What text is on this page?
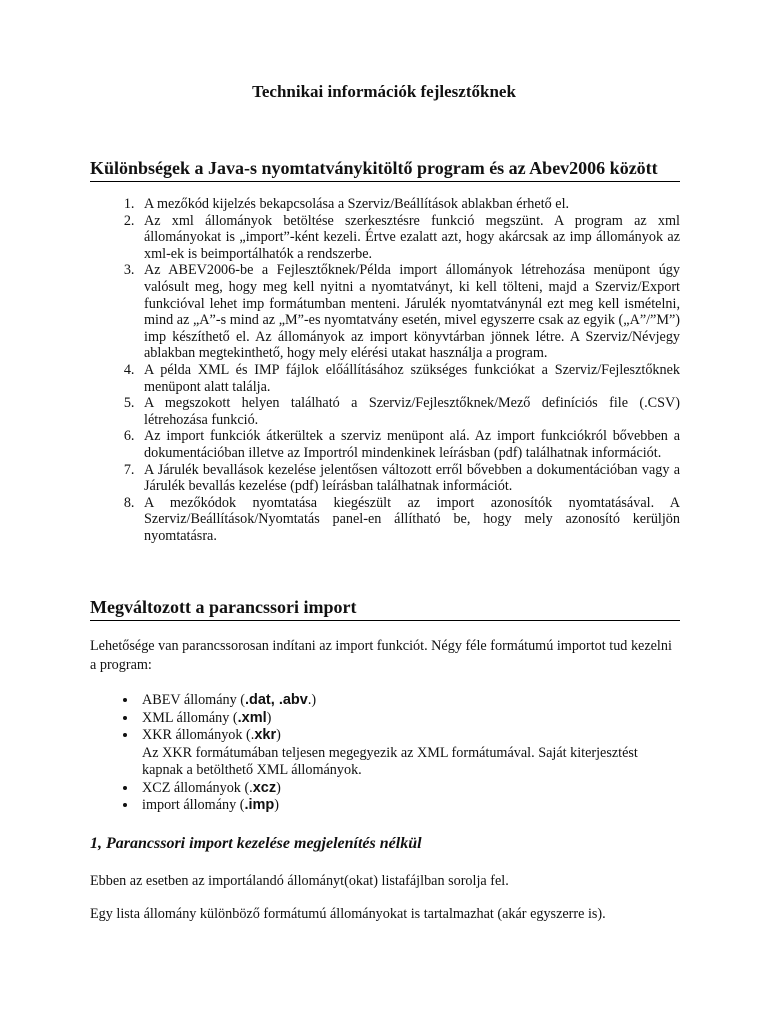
Technikai információk fejlesztőknek
Különbségek a Java-s nyomtatványkitöltő program és az Abev2006 között
1. A mezőkód kijelzés bekapcsolása a Szerviz/Beállítások ablakban érhető el.
2. Az xml állományok betöltése szerkesztésre funkció megszünt. A program az xml állományokat is „import”-ként kezeli. Értve ezalatt azt, hogy akárcsak az imp állományok az xml-ek is beimportálhatók a rendszerbe.
3. Az ABEV2006-be a Fejlesztőknek/Példa import állományok létrehozása menüpont úgy valósult meg, hogy meg kell nyitni a nyomtatványt, ki kell tölteni, majd a Szerviz/Export funkcióval lehet imp formátumban menteni. Járulék nyomtatványnál ezt meg kell ismételni, mind az „A”-s mind az „M”-es nyomtatvány esetén, mivel egyszerre csak az egyik („A”/”M”) imp készíthető el. Az állományok az import könyvtárban jönnek létre. A Szerviz/Névjegy ablakban megtekinthető, hogy mely elérési utakat használja a program.
4. A példa XML és IMP fájlok előállításához szükséges funkciókat a Szerviz/Fejlesztőknek menüpont alatt találja.
5. A megszokott helyen található a Szerviz/Fejlesztőknek/Mező definíciós file (.CSV) létrehozása funkció.
6. Az import funkciók átkerültek a szerviz menüpont alá. Az import funkciókról bővebben a dokumentációban illetve az Importról mindenkinek leírásban (pdf) találhatnak információt.
7. A Járulék bevallások kezelése jelentősen változott erről bővebben a dokumentációban vagy a Járulék bevallás kezelése (pdf) leírásban találhatnak információt.
8. A mezőkódok nyomtatása kiegészült az import azonosítók nyomtatásával. A Szerviz/Beállítások/Nyomtatás panel-en állítható be, hogy mely azonosító kerüljön nyomtatásra.
Megváltozott a parancssori import

Lehetősége van parancssorosan indítani az import funkciót. Négy féle formátumú importot tud kezelni a program:

• ABEV állomány (.dat, .abv.)
• XML állomány (.xml)
• XKR állományok (.xkr)
Az XKR formátumában teljesen megegyezik az XML formátumával. Saját kiterjesztést kapnak a betölthető XML állományok.
• XCZ állományok (.xcz)
• import állomány (.imp)
1, Parancssori import kezelése megjelenítés nélkül

Ebben az esetben az importálandó állományt(okat) listafájlban sorolja fel.

Egy lista állomány különböző formátumú állományokat is tartalmazhat (akár egyszerre is).
